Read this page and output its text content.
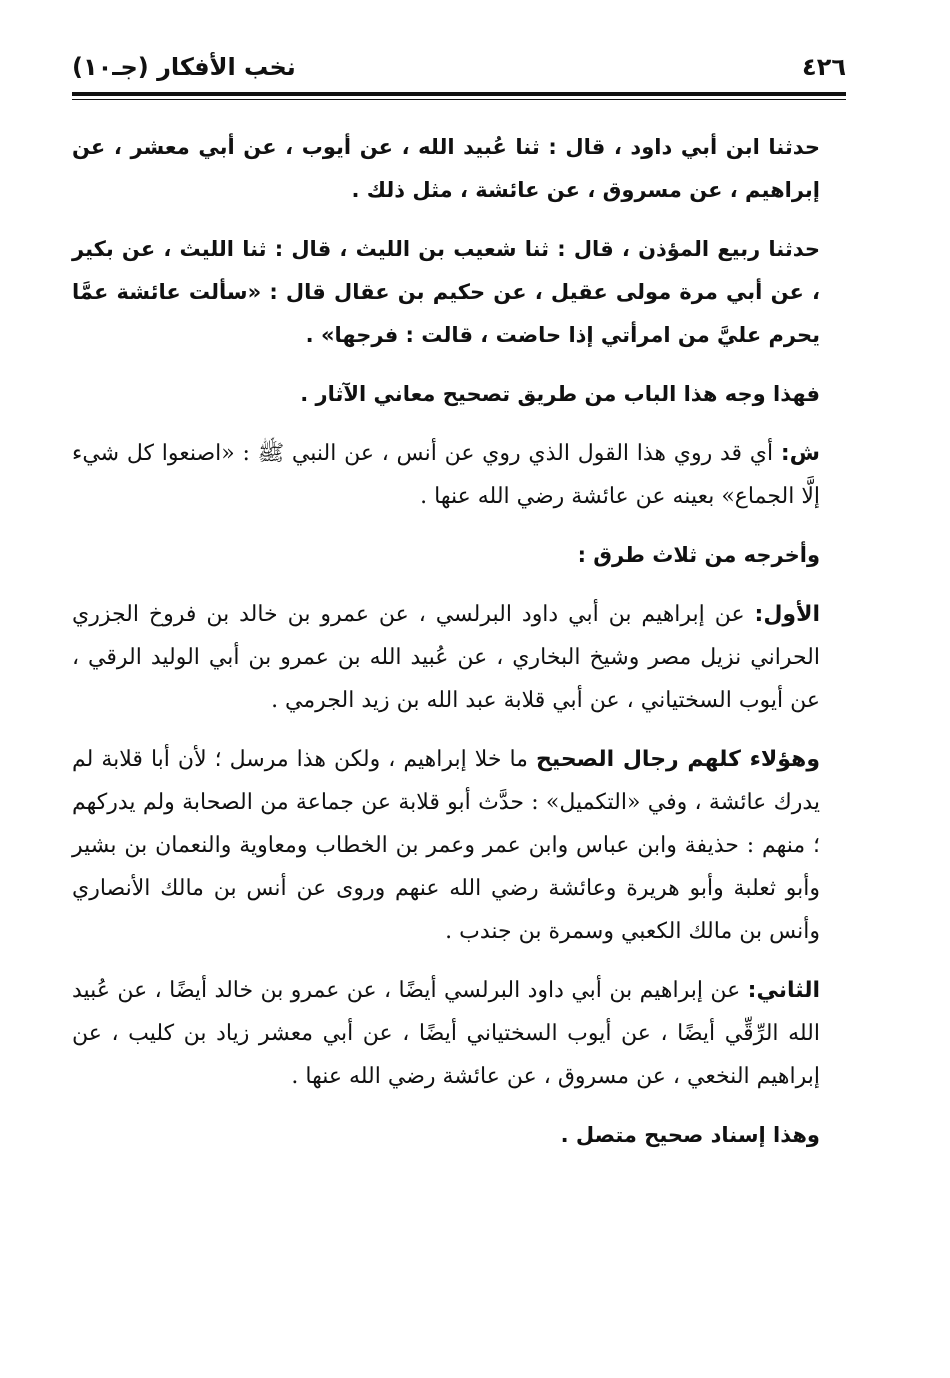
٤٢٦
نخب الأفكار (جـ١٠)

حدثنا ابن أبي داود ، قال : ثنا عُبيد الله ، عن أيوب ، عن أبي معشر ، عن إبراهيم ، عن مسروق ، عن عائشة ، مثل ذلك .

حدثنا ربيع المؤذن ، قال : ثنا شعيب بن الليث ، قال : ثنا الليث ، عن بكير ، عن أبي مرة مولى عقيل ، عن حكيم بن عقال قال : «سألت عائشة عمَّا يحرم عليَّ من امرأتي إذا حاضت ، قالت : فرجها» .

فهذا وجه هذا الباب من طريق تصحيح معاني الآثار .

ش: أي قد روي هذا القول الذي روي عن أنس ، عن النبي ﷺ : «اصنعوا كل شيء إلَّا الجماع» بعينه عن عائشة رضي الله عنها .

وأخرجه من ثلاث طرق :

الأول: عن إبراهيم بن أبي داود البرلسي ، عن عمرو بن خالد بن فروخ الجزري الحراني نزيل مصر وشيخ البخاري ، عن عُبيد الله بن عمرو بن أبي الوليد الرقي ، عن أيوب السختياني ، عن أبي قلابة عبد الله بن زيد الجرمي .

وهؤلاء كلهم رجال الصحيح ما خلا إبراهيم ، ولكن هذا مرسل ؛ لأن أبا قلابة لم يدرك عائشة ، وفي «التكميل» : حدَّث أبو قلابة عن جماعة من الصحابة ولم يدركهم ؛ منهم : حذيفة وابن عباس وابن عمر وعمر بن الخطاب ومعاوية والنعمان بن بشير وأبو ثعلبة وأبو هريرة وعائشة رضي الله عنهم وروى عن أنس بن مالك الأنصاري وأنس بن مالك الكعبي وسمرة بن جندب .

الثاني: عن إبراهيم بن أبي داود البرلسي أيضًا ، عن عمرو بن خالد أيضًا ، عن عُبيد الله الرِّقِّي أيضًا ، عن أيوب السختياني أيضًا ، عن أبي معشر زياد بن كليب ، عن إبراهيم النخعي ، عن مسروق ، عن عائشة رضي الله عنها .

وهذا إسناد صحيح متصل .
